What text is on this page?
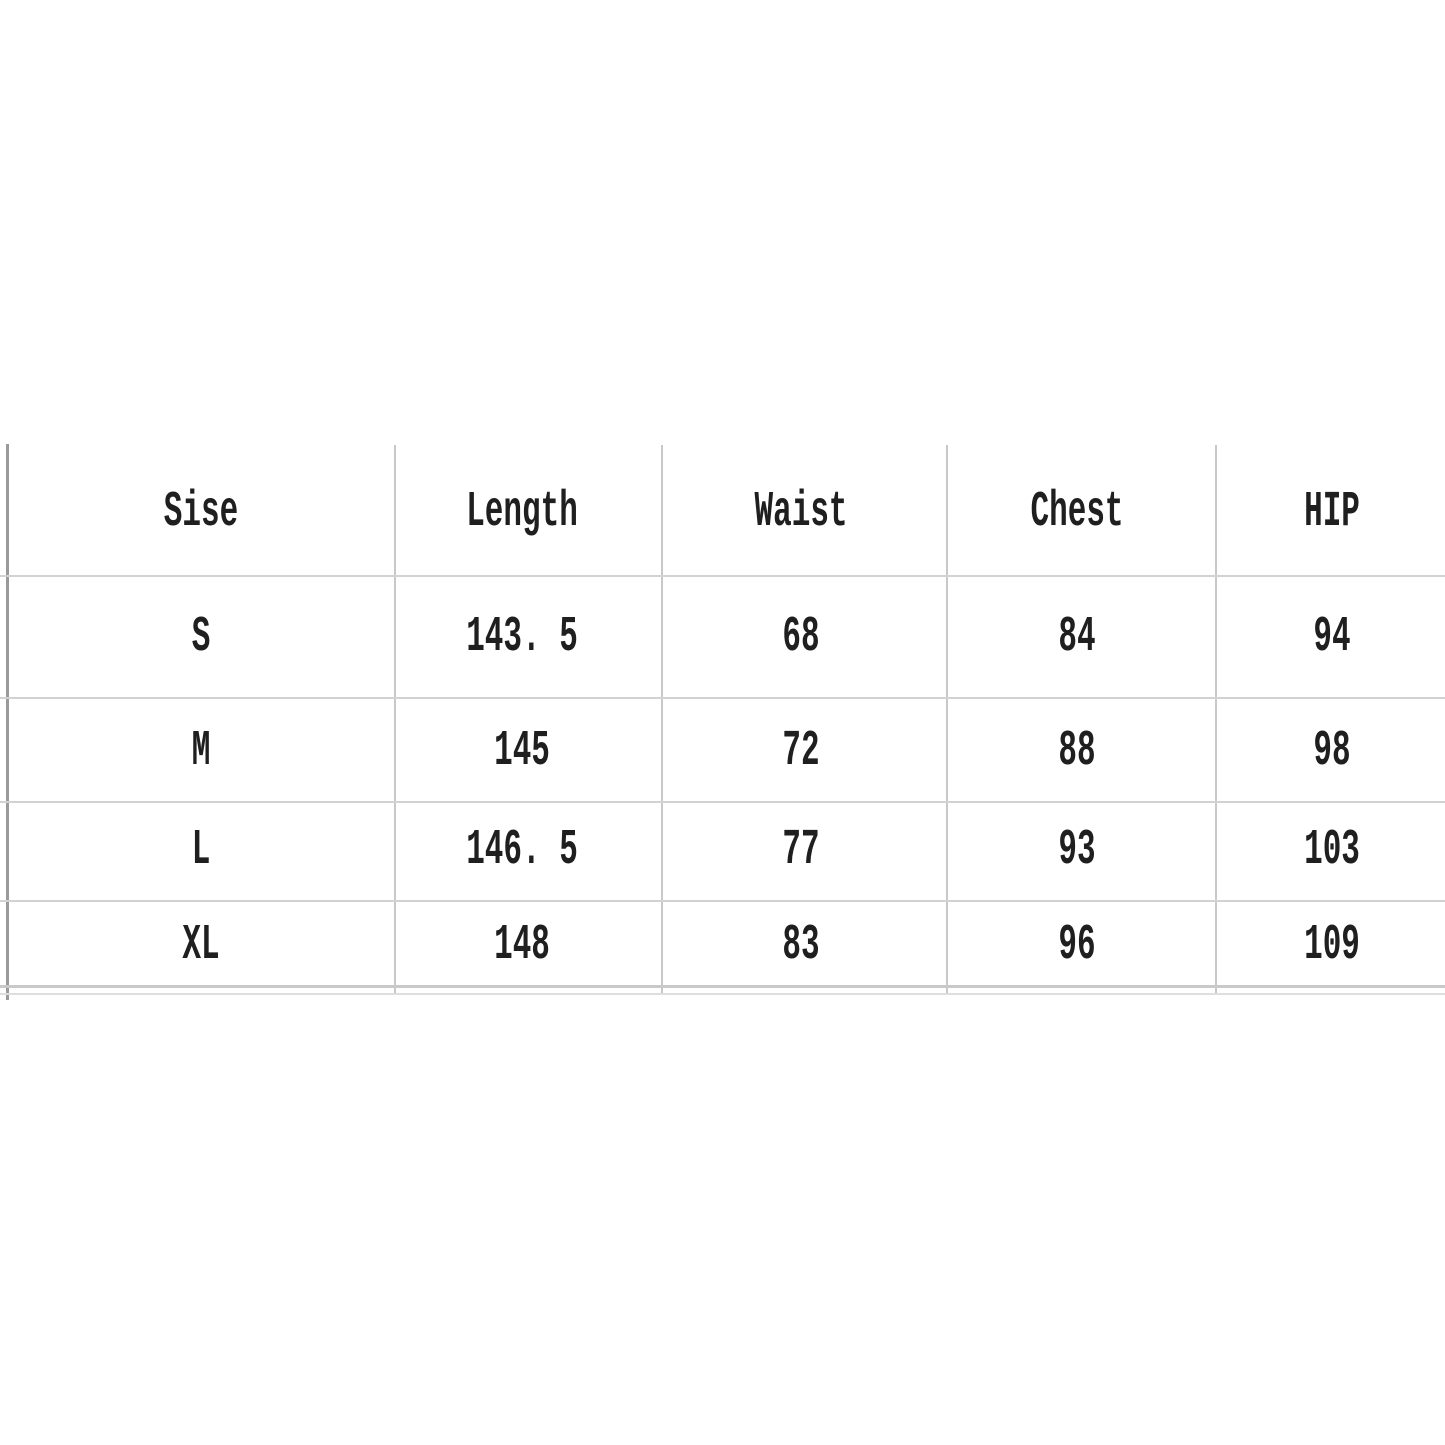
Sise	Length	Waist	Chest	HIP
S	143. 5	68	84	94
M	145	72	88	98
L	146. 5	77	93	103
XL	148	83	96	109
